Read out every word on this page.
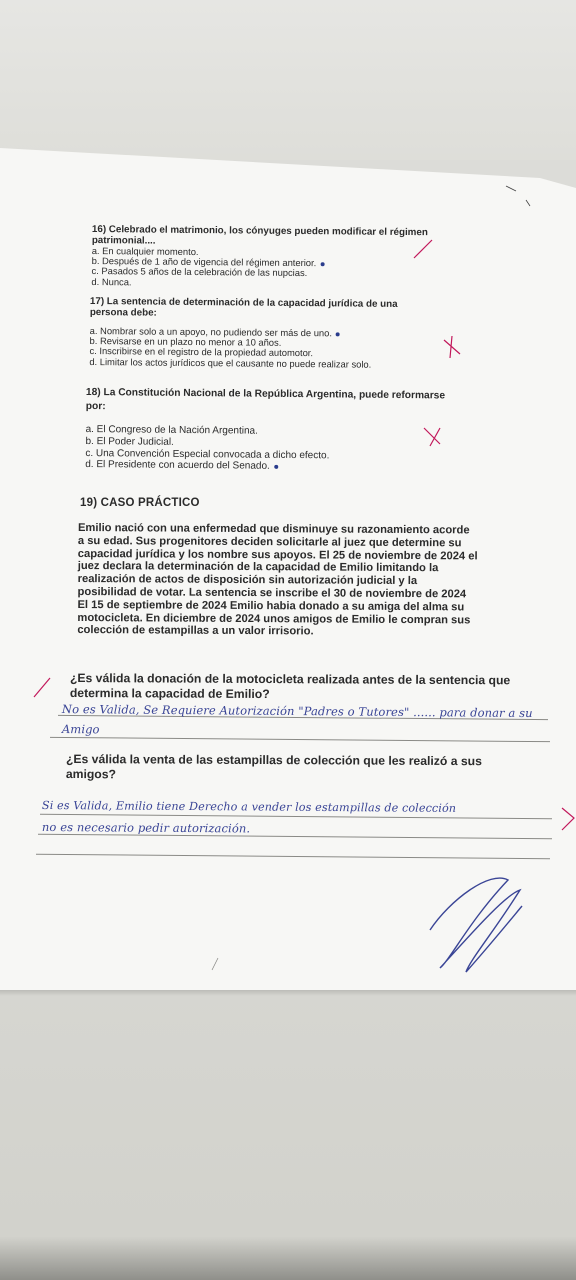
16) Celebrado el matrimonio, los cónyuges pueden modificar el régimen
patrimonial....
a. En cualquier momento.
b. Después de 1 año de vigencia del régimen anterior.
c. Pasados 5 años de la celebración de las nupcias.
d. Nunca.
17) La sentencia de determinación de la capacidad jurídica de una
persona debe:
a. Nombrar solo a un apoyo, no pudiendo ser más de uno.
b. Revisarse en un plazo no menor a 10 años.
c. Inscribirse en el registro de la propiedad automotor.
d. Limitar los actos jurídicos que el causante no puede realizar solo.
18) La Constitución Nacional de la República Argentina, puede reformarse
por:
a. El Congreso de la Nación Argentina.
b. El Poder Judicial.
c. Una Convención Especial convocada a dicho efecto.
d. El Presidente con acuerdo del Senado.
19) CASO PRÁCTICO
Emilio nació con una enfermedad que disminuye su razonamiento acorde
a su edad. Sus progenitores deciden solicitarle al juez que determine su
capacidad jurídica y los nombre sus apoyos. El 25 de noviembre de 2024 el
juez declara la determinación de la capacidad de Emilio limitando la
realización de actos de disposición sin autorización judicial y la
posibilidad de votar. La sentencia se inscribe el 30 de noviembre de 2024
El 15 de septiembre de 2024 Emilio habia donado a su amiga del alma su
motocicleta. En diciembre de 2024 unos amigos de Emilio le compran sus
colección de estampillas a un valor irrisorio.
¿Es válida la donación de la motocicleta realizada antes de la sentencia que
determina la capacidad de Emilio?
No es Valida, Se Requiere Autorización "Padres o Tutores" ...... para donar a su
Amigo
¿Es válida la venta de las estampillas de colección que les realizó a sus
amigos?
Si es Valida, Emilio tiene Derecho a vender los estampillas de colección
no es necesario pedir autorización.
